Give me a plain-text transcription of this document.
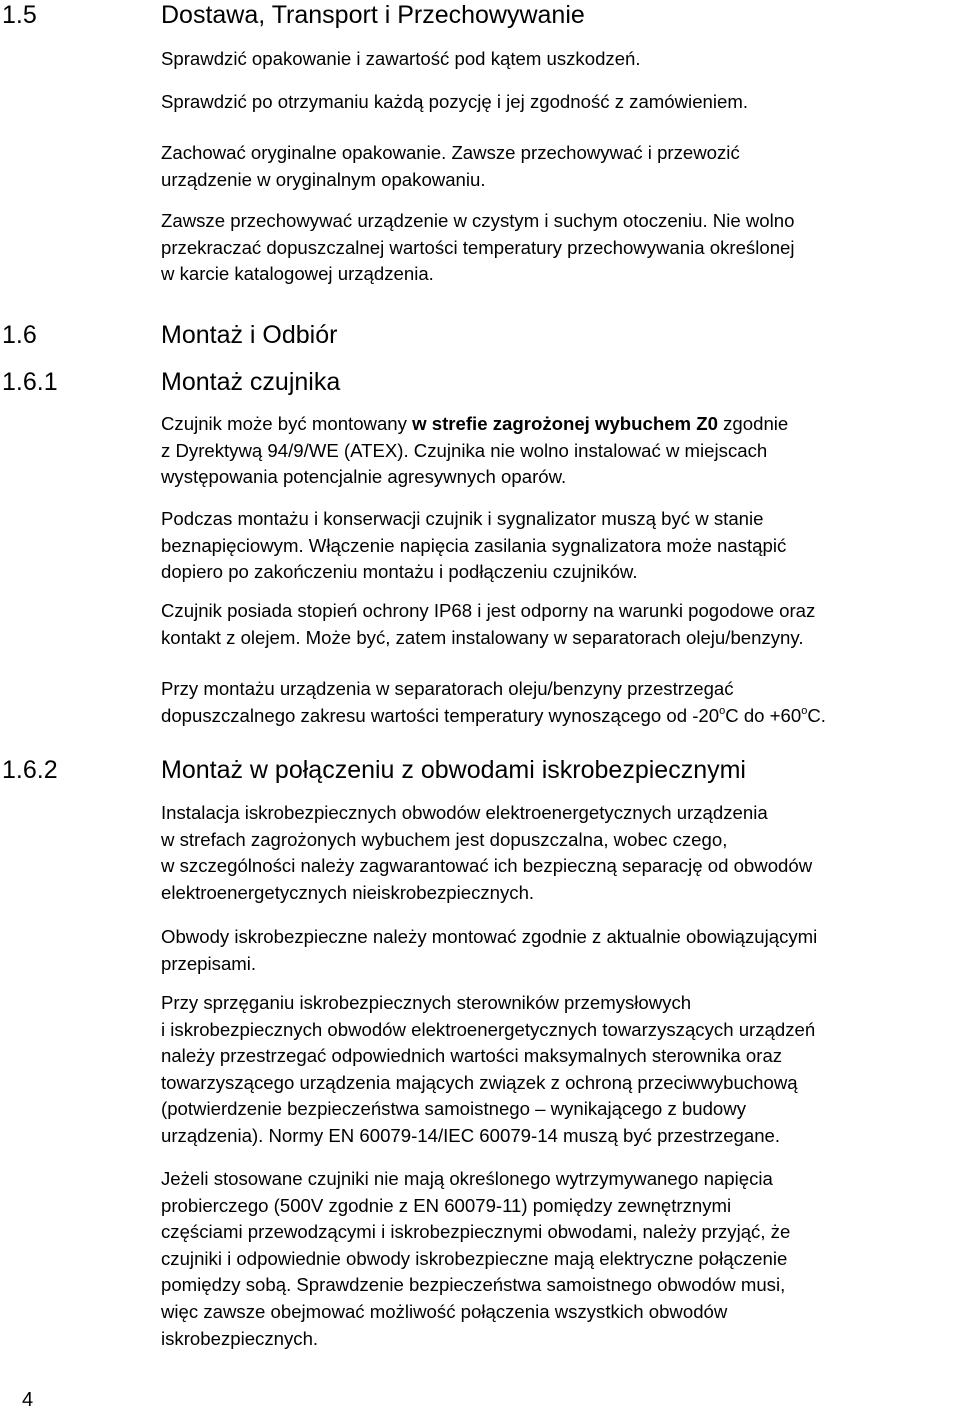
1.5	Dostawa, Transport i Przechowywanie
Sprawdzić opakowanie i zawartość pod kątem uszkodzeń.
Sprawdzić po otrzymaniu każdą pozycję i jej zgodność z zamówieniem.
Zachować oryginalne opakowanie. Zawsze przechowywać i przewozić
urządzenie w oryginalnym opakowaniu.
Zawsze przechowywać urządzenie w czystym i suchym otoczeniu. Nie wolno
przekraczać dopuszczalnej wartości temperatury przechowywania określonej
w karcie katalogowej urządzenia.
1.6	Montaż i Odbiór
1.6.1	Montaż czujnika
Czujnik może być montowany w strefie zagrożonej wybuchem Z0 zgodnie
z Dyrektywą 94/9/WE (ATEX). Czujnika nie wolno instalować w miejscach
występowania potencjalnie agresywnych oparów.
Podczas montażu i konserwacji czujnik i sygnalizator muszą być w stanie
beznapięciowym. Włączenie napięcia zasilania sygnalizatora może nastąpić
dopiero po zakończeniu montażu i podłączeniu czujników.
Czujnik posiada stopień ochrony IP68 i jest odporny na warunki pogodowe oraz
kontakt z olejem. Może być, zatem instalowany w separatorach oleju/benzyny.
Przy montażu urządzenia w separatorach oleju/benzyny przestrzegać
dopuszczalnego zakresu wartości temperatury wynoszącego od -20$^o$C do $+60^oC$.
1.6.2	Montaż w połączeniu z obwodami iskrobezpiecznymi
Instalacja iskrobezpiecznych obwodów elektroenergetycznych urządzenia
w strefach zagrożonych wybuchem jest dopuszczalna, wobec czego,
w szczególności należy zagwarantować ich bezpieczną separację od obwodów
elektroenergetycznych nieiskrobezpiecznych.
Obwody iskrobezpieczne należy montować zgodnie z aktualnie obowiązującymi
przepisami.
Przy sprzęganiu iskrobezpiecznych sterowników przemysłowych
i iskrobezpiecznych obwodów elektroenergetycznych towarzyszących urządzeń
należy przestrzegać odpowiednich wartości maksymalnych sterownika oraz
towarzyszącego urządzenia mających związek z ochroną przeciwwybuchową
(potwierdzenie bezpieczeństwa samoistnego – wynikającego z budowy
urządzenia). Normy EN 60079-14/IEC 60079-14 muszą być przestrzegane.
Jeżeli stosowane czujniki nie mają określonego wytrzymywanego napięcia
probierczego (500V zgodnie z EN 60079-11) pomiędzy zewnętrznymi
częściami przewodzącymi i iskrobezpiecznymi obwodami, należy przyjąć, że
czujniki i odpowiednie obwody iskrobezpieczne mają elektryczne połączenie
pomiędzy sobą. Sprawdzenie bezpieczeństwa samoistnego obwodów musi,
więc zawsze obejmować możliwość połączenia wszystkich obwodów
iskrobezpiecznych.
4
